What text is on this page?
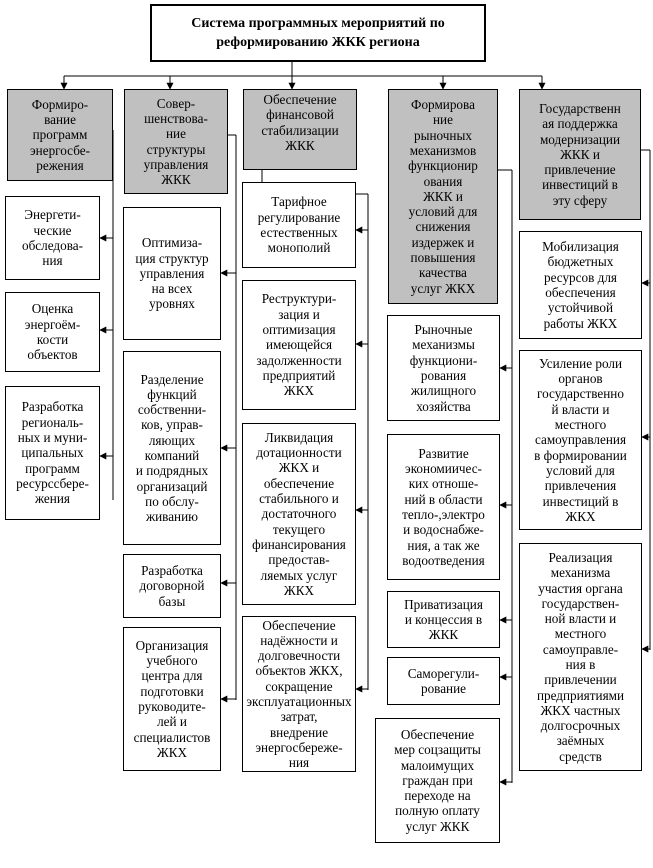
Система программных мероприятий по
реформированию ЖКК региона
Формиро-
вание
программ
энергосбе-
режения
Энергети-
ческие
обследова-
ния
Оценка
энергоём-
кости
объектов
Разработка
региональ-
ных и муни-
ципальных
программ
ресурссбере-
жения
Совер-
шенствова-
ние
структуры
управления
ЖКК
Оптимиза-
ция структур
управления
на всех
уровнях
Разделение
функций
собственни-
ков, управ-
ляющих
компаний
и подрядных
организаций
по обслу-
живанию
Разработка
договорной
базы
Организация
учебного
центра для
подготовки
руководите-
лей и
специалистов
ЖКХ
Обеспечение
финансовой
стабилизации
ЖКК
Тарифное
регулирование
естественных
монополий
Реструктури-
зация и
оптимизация
имеющейся
задолженности
предприятий
ЖКХ
Ликвидация
дотационности
ЖКХ и
обеспечение
стабильного и
достаточного
текущего
финансирования
предостав-
ляемых услуг
ЖКХ
Обеспечение
надёжности и
долговечности
объектов ЖКХ,
сокращение
эксплуатационных
затрат,
внедрение
энергосбереже-
ния
Формирова
ние
рыночных
механизмов
функционир
ования
ЖКК и
условий для
снижения
издержек и
повышения
качества
услуг ЖКХ
Рыночные
механизмы
функциони-
рования
жилищного
хозяйства
Развитие
экономиичес-
ких отноше-
ний в области
тепло-,электро
и водоснабже-
ния, а так же
водоотведения
Приватизация
и концессия в
ЖКК
Саморегули-
рование
Обеспечение
мер соцзащиты
малоимущих
граждан при
переходе на
полную оплату
услуг ЖКК
Государственн
ая поддержка
модернизации
ЖКК и
привлечение
инвестиций в
эту сферу
Мобилизация
бюджетных
ресурсов для
обеспечения
устойчивой
работы ЖКХ
Усиление роли
органов
государственно
й власти и
местного
самоуправления
в формировании
условий для
привлечения
инвестиций в
ЖКХ
Реализация
механизма
участия органа
государствен-
ной власти и
местного
самоуправле-
ния в
привлечении
предприятиями
ЖКХ частных
долгосрочных
заёмных
средств
